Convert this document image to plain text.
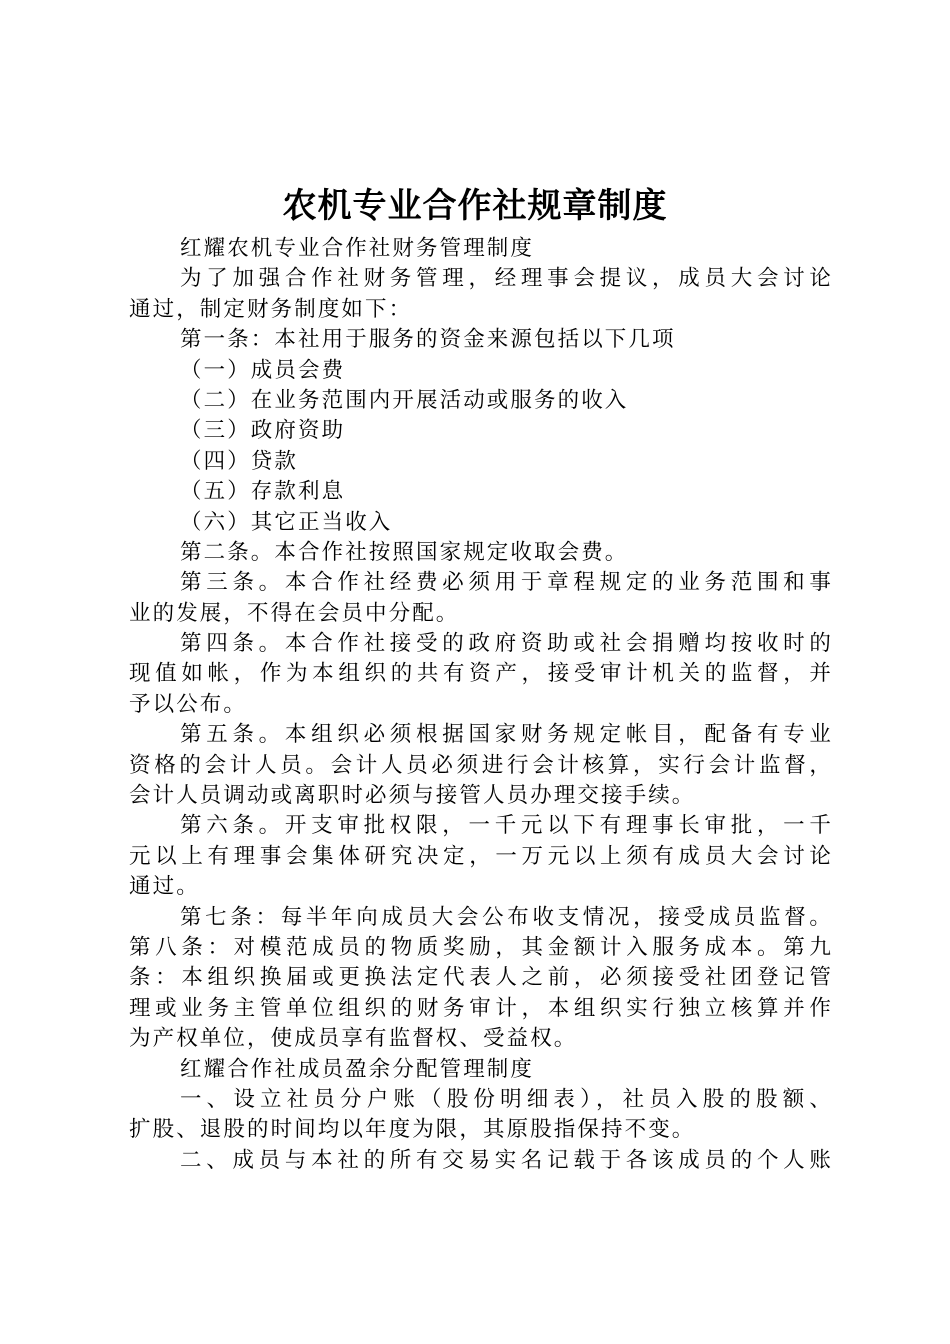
农机专业合作社规章制度
红耀农机专业合作社财务管理制度
为了加强合作社财务管理，经理事会提议，成员大会讨论
通过，制定财务制度如下：
第一条：本社用于服务的资金来源包括以下几项
（一）成员会费
（二）在业务范围内开展活动或服务的收入
（三）政府资助
（四）贷款
（五）存款利息
（六）其它正当收入
第二条。本合作社按照国家规定收取会费。
第三条。本合作社经费必须用于章程规定的业务范围和事
业的发展，不得在会员中分配。
第四条。本合作社接受的政府资助或社会捐赠均按收时的
现值如帐，作为本组织的共有资产，接受审计机关的监督，并
予以公布。
第五条。本组织必须根据国家财务规定帐目，配备有专业
资格的会计人员。会计人员必须进行会计核算，实行会计监督，
会计人员调动或离职时必须与接管人员办理交接手续。
第六条。开支审批权限，一千元以下有理事长审批，一千
元以上有理事会集体研究决定，一万元以上须有成员大会讨论
通过。
第七条：每半年向成员大会公布收支情况，接受成员监督。
第八条：对模范成员的物质奖励，其金额计入服务成本。第九
条：本组织换届或更换法定代表人之前，必须接受社团登记管
理或业务主管单位组织的财务审计，本组织实行独立核算并作
为产权单位，使成员享有监督权、受益权。
红耀合作社成员盈余分配管理制度
一、设立社员分户账（股份明细表），社员入股的股额、
扩股、退股的时间均以年度为限，其原股指保持不变。
二、成员与本社的所有交易实名记载于各该成员的个人账
